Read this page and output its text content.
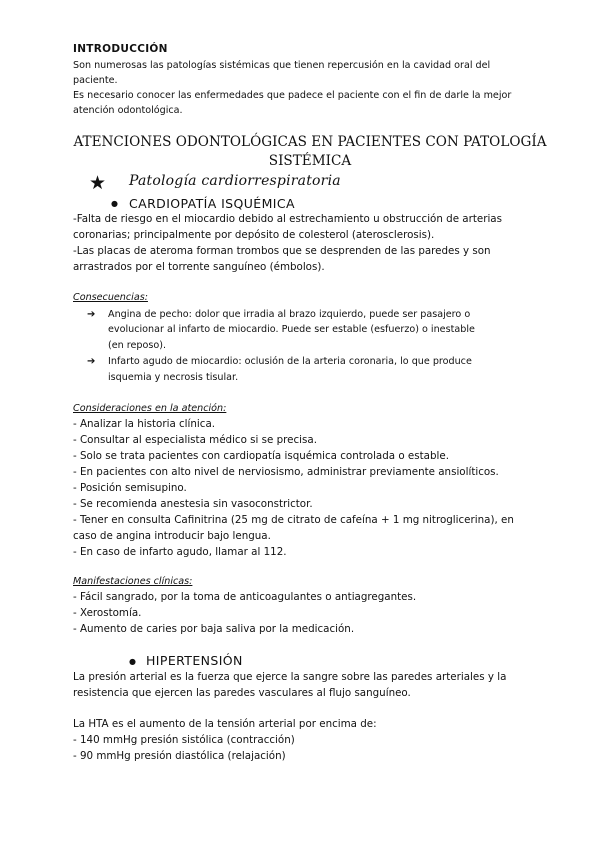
INTRODUCCIÓN
Son numerosas las patologías sistémicas que tienen repercusión en la cavidad oral del
paciente.
Es necesario conocer las enfermedades que padece el paciente con el fin de darle la mejor
atención odontológica.
ATENCIONES ODONTOLÓGICAS EN PACIENTES CON PATOLOGÍA SISTÉMICA
★ Patología cardiorrespiratoria
● CARDIOPATÍA ISQUÉMICA
-Falta de riesgo en el miocardio debido al estrechamiento u obstrucción de arterias
coronarias; principalmente por depósito de colesterol (aterosclerosis).
-Las placas de ateroma forman trombos que se desprenden de las paredes y son
arrastrados por el torrente sanguíneo (émbolos).
Consecuencias:
➔ Angina de pecho: dolor que irradia al brazo izquierdo, puede ser pasajero o
evolucionar al infarto de miocardio. Puede ser estable (esfuerzo) o inestable
(en reposo).
➔ Infarto agudo de miocardio: oclusión de la arteria coronaria, lo que produce
isquemia y necrosis tisular.
Consideraciones en la atención:
- Analizar la historia clínica.
- Consultar al especialista médico si se precisa.
- Solo se trata pacientes con cardiopatía isquémica controlada o estable.
- En pacientes con alto nivel de nerviosismo, administrar previamente ansiolíticos.
- Posición semisupino.
- Se recomienda anestesia sin vasoconstrictor.
- Tener en consulta Cafinitrina (25 mg de citrato de cafeína + 1 mg nitroglicerina), en
caso de angina introducir bajo lengua.
- En caso de infarto agudo, llamar al 112.
Manifestaciones clínicas:
- Fácil sangrado, por la toma de anticoagulantes o antiagregantes.
- Xerostomía.
- Aumento de caries por baja saliva por la medicación.
● HIPERTENSIÓN
La presión arterial es la fuerza que ejerce la sangre sobre las paredes arteriales y la
resistencia que ejercen las paredes vasculares al flujo sanguíneo.
La HTA es el aumento de la tensión arterial por encima de:
- 140 mmHg presión sistólica (contracción)
- 90 mmHg presión diastólica (relajación)
